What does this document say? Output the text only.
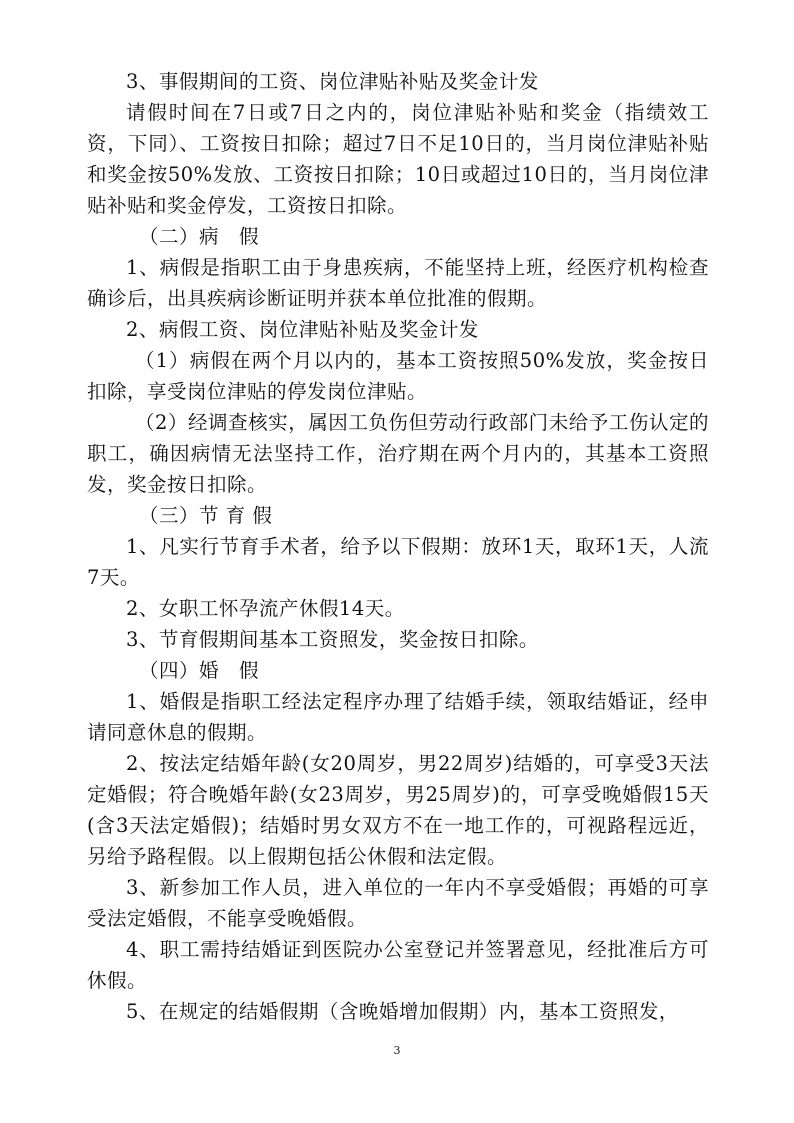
3、事假期间的工资、岗位津贴补贴及奖金计发

请假时间在7日或7日之内的，岗位津贴补贴和奖金（指绩效工资，下同）、工资按日扣除；超过7日不足10日的，当月岗位津贴补贴和奖金按50%发放、工资按日扣除；10日或超过10日的，当月岗位津贴补贴和奖金停发，工资按日扣除。

（二）病　假

1、病假是指职工由于身患疾病，不能坚持上班，经医疗机构检查确诊后，出具疾病诊断证明并获本单位批准的假期。

2、病假工资、岗位津贴补贴及奖金计发

（1）病假在两个月以内的，基本工资按照50%发放，奖金按日扣除，享受岗位津贴的停发岗位津贴。

（2）经调查核实，属因工负伤但劳动行政部门未给予工伤认定的职工，确因病情无法坚持工作，治疗期在两个月内的，其基本工资照发，奖金按日扣除。

（三）节 育 假

1、凡实行节育手术者，给予以下假期：放环1天，取环1天，人流7天。

2、女职工怀孕流产休假14天。

3、节育假期间基本工资照发，奖金按日扣除。

（四）婚　假

1、婚假是指职工经法定程序办理了结婚手续，领取结婚证，经申请同意休息的假期。

2、按法定结婚年龄(女20周岁，男22周岁)结婚的，可享受3天法定婚假；符合晚婚年龄(女23周岁，男25周岁)的，可享受晚婚假15天(含3天法定婚假)；结婚时男女双方不在一地工作的，可视路程远近，另给予路程假。以上假期包括公休假和法定假。

3、新参加工作人员，进入单位的一年内不享受婚假；再婚的可享受法定婚假，不能享受晚婚假。

4、职工需持结婚证到医院办公室登记并签署意见，经批准后方可休假。

5、在规定的结婚假期（含晚婚增加假期）内，基本工资照发，

3
